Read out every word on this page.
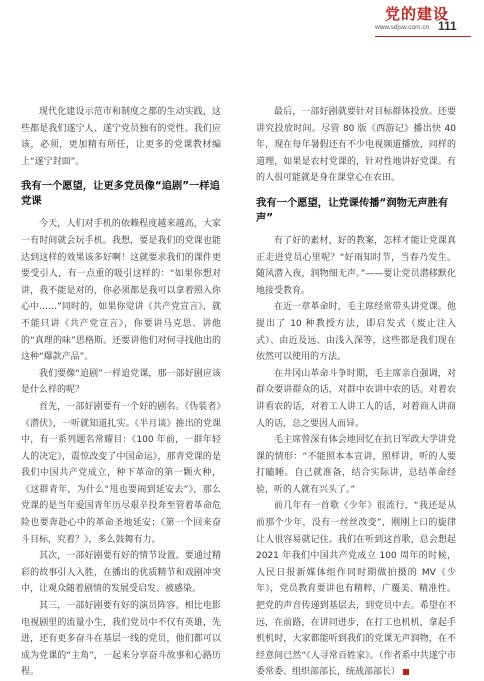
党的建设
www.sdjsw.com.cn 111

现代化建设示范市和制度之都的生动实践，这些都是我们遂宁人、遂宁党员独有的党性。我们应该，必须，更加精有所任，让更多的党课教材编上“遂宁封面”。

我有一个愿望，让更多党员像“追剧”一样追党课

今天，人们对手机的依赖程度越来越高，大家一有时间就会玩手机。我想，要是我们的党课也能达到这样的效果该多好啊！这就要求我们的课件更要受引人，有一点重的吸引这样的：“如果你想对讲，我不能是对的，你必须都是我可以拿着照入你心中……”同时的，如果你觉讲《共产党宣言》，就不能只讲《共产党宣言》，你要讲马克思、讲他的“真理的味”思格斯。还要讲他们对何寻找他出的这种“爆款产品”。

我们要像“追剧”一样追党课，那一部好剧应该是什么样的呢？

首先，一部好剧要有一个好的剧名。《伪装者》《潜伏》，一听就知道扎实。《半月谈》推出的党课中，有一系列题名常耀目：《100 年前，一群年轻人的决定》，震惊改变了中国命运》，那青党课的是我们中国共产党成立，种下革命的第一颗火种，《这群青年，为什么“甩也要闹到延安去”》，那么党课的是当年爱国青年历尽艰辛投奔至管着革命危险也要奔赴心中的革命圣地延安；《第一个回来奋斗目标，究着？》，多么鼓舞有力。

其次，一部好剧要有好的情节设置。要通过精彩的故事引人入胜，在播出的优质精节和戏剧冲突中，让观众随着剧情的发展受启发、被感染。

其三，一部好剧要有好的演员阵容。相比电影电视剧里的流量小生，我们党员中不仅有英雄，先进，还有更多奋斗在基层一线的党员，他们都可以成为党课的“主角”，一起来分享奋斗故事和心路历程。

最后，一部好剧就要针对目标群体投放。还要讲究投放时间。尽管 80 版《西游记》播出快 40 年，现在每年暑假还有不少电视频道播放，同样的道理，如果是农村党课的，针对性地讲好党课。有的人很可能就是身在课堂心在农田。

我有一个愿望，让党课传播“润物无声胜有声”

有了好的素材，好的教案，怎样才能让党课真正走进党员心里呢？“好雨知时节，当春乃发生。随风潜入夜，润物细无声。”——要让党员潜移默化地接受教育。

在近一章革命时，毛主席经常带头讲党课。他提出了 10 种教授方法，即启发式（废止注入式）、由近及远、由浅入深等，这些都是我们现在依然可以使用的方法。

在井冈山革命斗争时期，毛主席亲自强调，对群众要讲群众的话，对群中农讲中农的话。对着农讲看农的话，对着工人讲工人的话，对着商人讲商人的话，总之要因人而异。

毛主席曾深有体会地回忆在抗日军政大学讲党课的情形：“不能照本本宣讲，照样讲，听的人要打瞌睡。自己就准备，结合实际讲，总结革命经验，听的人就有兴头了。”

前几年有一首歌《少年》很流行，“我还是从前那个少年，没有一丝丝改变”，刚刚上口的旋律让人很容易就记住。我们在听到这首歌，总会想起 2021 年我们中国共产党成立 100 周年的时候，人民日报新媒体组作同时期做拍摄的 MV《少年》，党员教育要讲也有精粹，广覆美、精准性。把党的声音传递到基层去，到党员中去。希望在不远，在前路，在讲同进步，在打工也机机，拿起手机机时，大家都能听到我们的党课无声润物，在不经意间已然“《人寻常百姓家》。（作者系中共遂宁市委常委、组织部部长，统战部部长）
